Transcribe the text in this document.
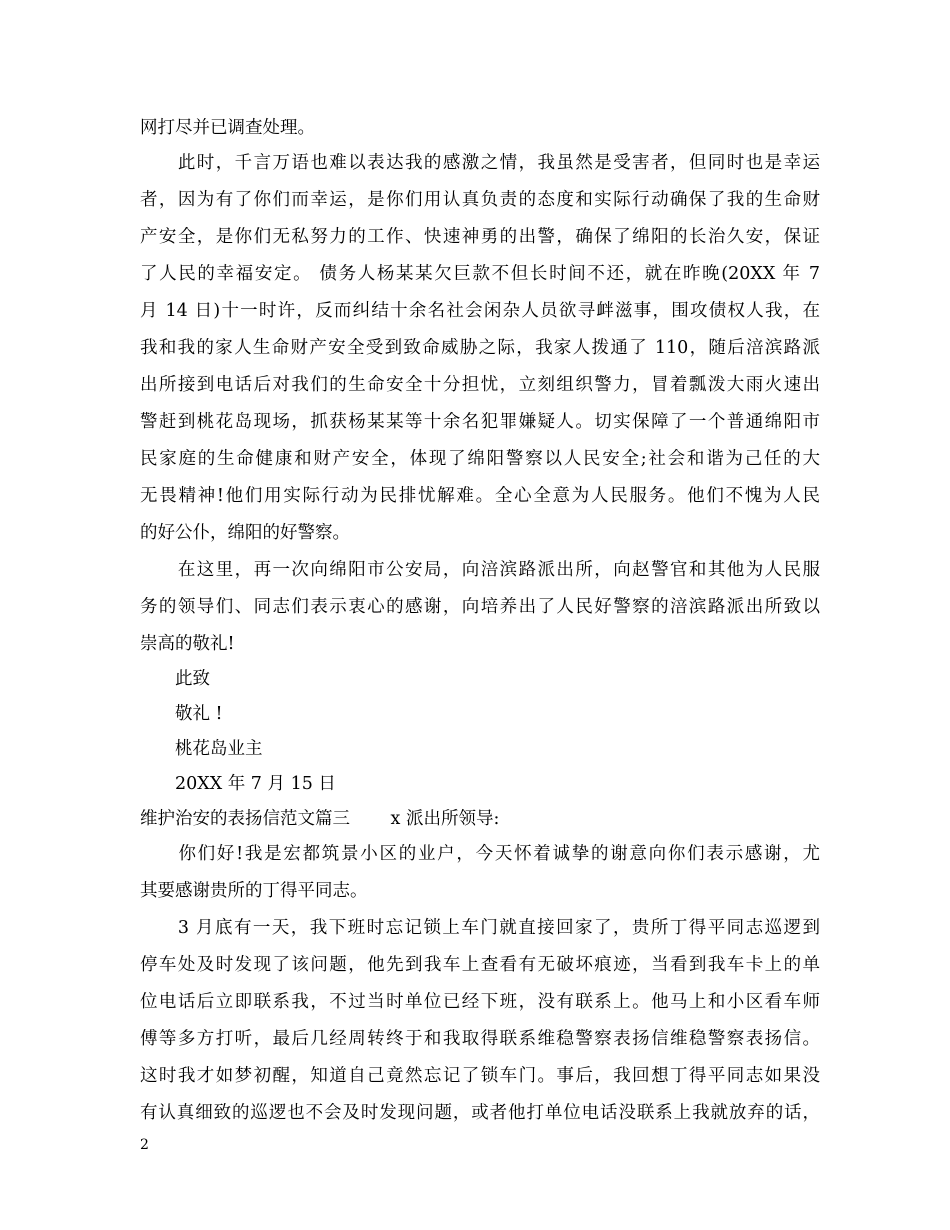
网打尽并已调查处理。
　　此时，千言万语也难以表达我的感激之情，我虽然是受害者，但同时也是幸运
者，因为有了你们而幸运，是你们用认真负责的态度和实际行动确保了我的生命财
产安全，是你们无私努力的工作、快速神勇的出警，确保了绵阳的长治久安，保证
了人民的幸福安定。 债务人杨某某欠巨款不但长时间不还，就在昨晚(20XX 年 7
月 14 日)十一时许，反而纠结十余名社会闲杂人员欲寻衅滋事，围攻债权人我，在
我和我的家人生命财产安全受到致命威胁之际，我家人拨通了 110，随后涪滨路派
出所接到电话后对我们的生命安全十分担忧，立刻组织警力，冒着瓢泼大雨火速出
警赶到桃花岛现场，抓获杨某某等十余名犯罪嫌疑人。切实保障了一个普通绵阳市
民家庭的生命健康和财产安全，体现了绵阳警察以人民安全;社会和谐为己任的大
无畏精神!他们用实际行动为民排忧解难。全心全意为人民服务。他们不愧为人民
的好公仆，绵阳的好警察。
　　在这里，再一次向绵阳市公安局，向涪滨路派出所，向赵警官和其他为人民服
务的领导们、同志们表示衷心的感谢，向培养出了人民好警察的涪滨路派出所致以
崇高的敬礼!
　　此致
　　敬礼 !
　　桃花岛业主
　　20XX 年 7 月 15 日
维护治安的表扬信范文篇三　　 x 派出所领导:
　　你们好!我是宏都筑景小区的业户，今天怀着诚挚的谢意向你们表示感谢，尤
其要感谢贵所的丁得平同志。
　　3 月底有一天，我下班时忘记锁上车门就直接回家了，贵所丁得平同志巡逻到
停车处及时发现了该问题，他先到我车上查看有无破坏痕迹，当看到我车卡上的单
位电话后立即联系我，不过当时单位已经下班，没有联系上。他马上和小区看车师
傅等多方打听，最后几经周转终于和我取得联系维稳警察表扬信维稳警察表扬信。
这时我才如梦初醒，知道自己竟然忘记了锁车门。事后，我回想丁得平同志如果没
有认真细致的巡逻也不会及时发现问题，或者他打单位电话没联系上我就放弃的话，
2
